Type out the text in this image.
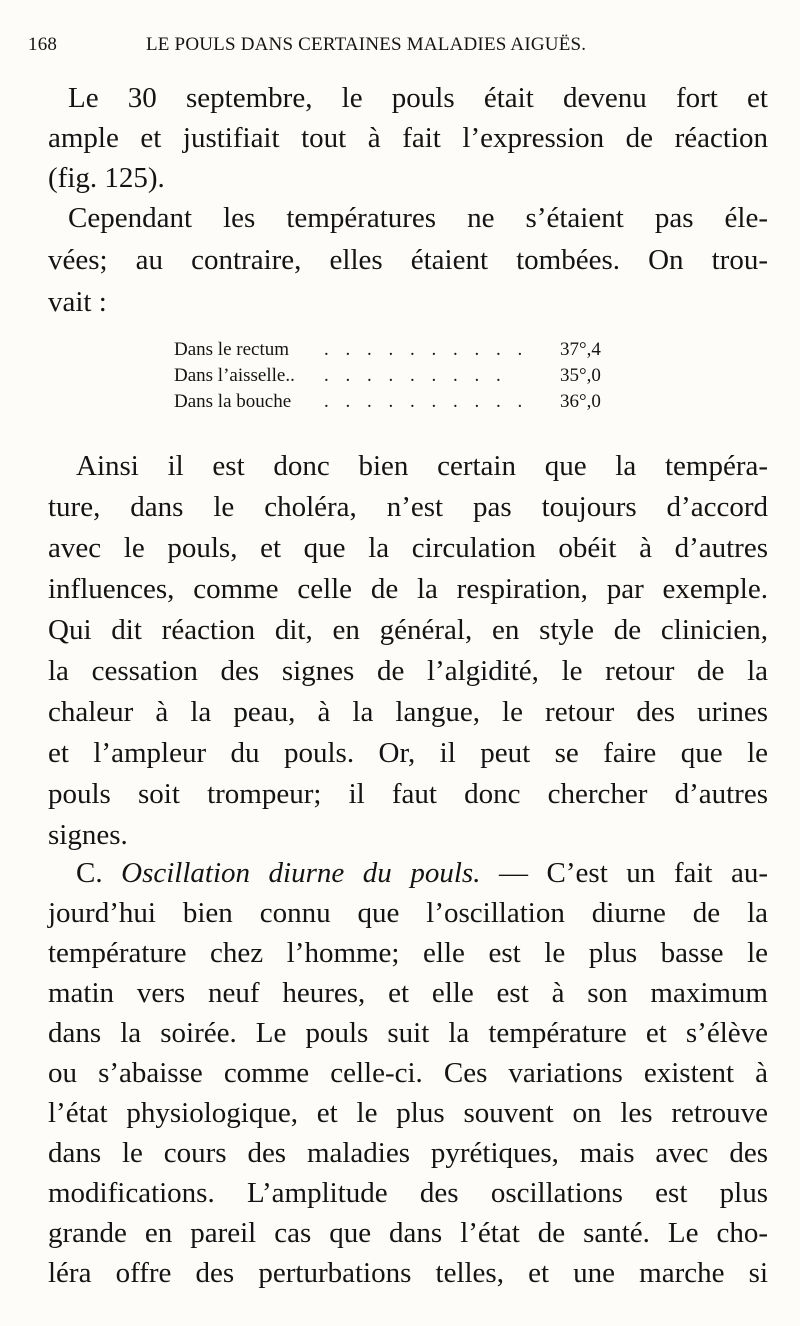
168	LE POULS DANS CERTAINES MALADIES AIGUËS.
Le 30 septembre, le pouls était devenu fort et
ample et justifiait tout à fait l’expression de réaction
(fig. 125).
Cependant les températures ne s’étaient pas éle-
vées; au contraire, elles étaient tombées. On trou-
vait :
Dans le rectum . . . . . . . . . .	37°,4
Dans l’aisselle.. . . . . . . . . .	35°,0
Dans la bouche . . . . . . . . . .	36°,0
Ainsi il est donc bien certain que la tempéra-
ture, dans le choléra, n’est pas toujours d’accord
avec le pouls, et que la circulation obéit à d’autres
influences, comme celle de la respiration, par exemple.
Qui dit réaction dit, en général, en style de clinicien,
la cessation des signes de l’algidité, le retour de la
chaleur à la peau, à la langue, le retour des urines
et l’ampleur du pouls. Or, il peut se faire que le
pouls soit trompeur; il faut donc chercher d’autres
signes.
C. Oscillation diurne du pouls. — C’est un fait au-
jourd’hui bien connu que l’oscillation diurne de la
température chez l’homme; elle est le plus basse le
matin vers neuf heures, et elle est à son maximum
dans la soirée. Le pouls suit la température et s’élève
ou s’abaisse comme celle-ci. Ces variations existent à
l’état physiologique, et le plus souvent on les retrouve
dans le cours des maladies pyrétiques, mais avec des
modifications. L’amplitude des oscillations est plus
grande en pareil cas que dans l’état de santé. Le cho-
léra offre des perturbations telles, et une marche si
